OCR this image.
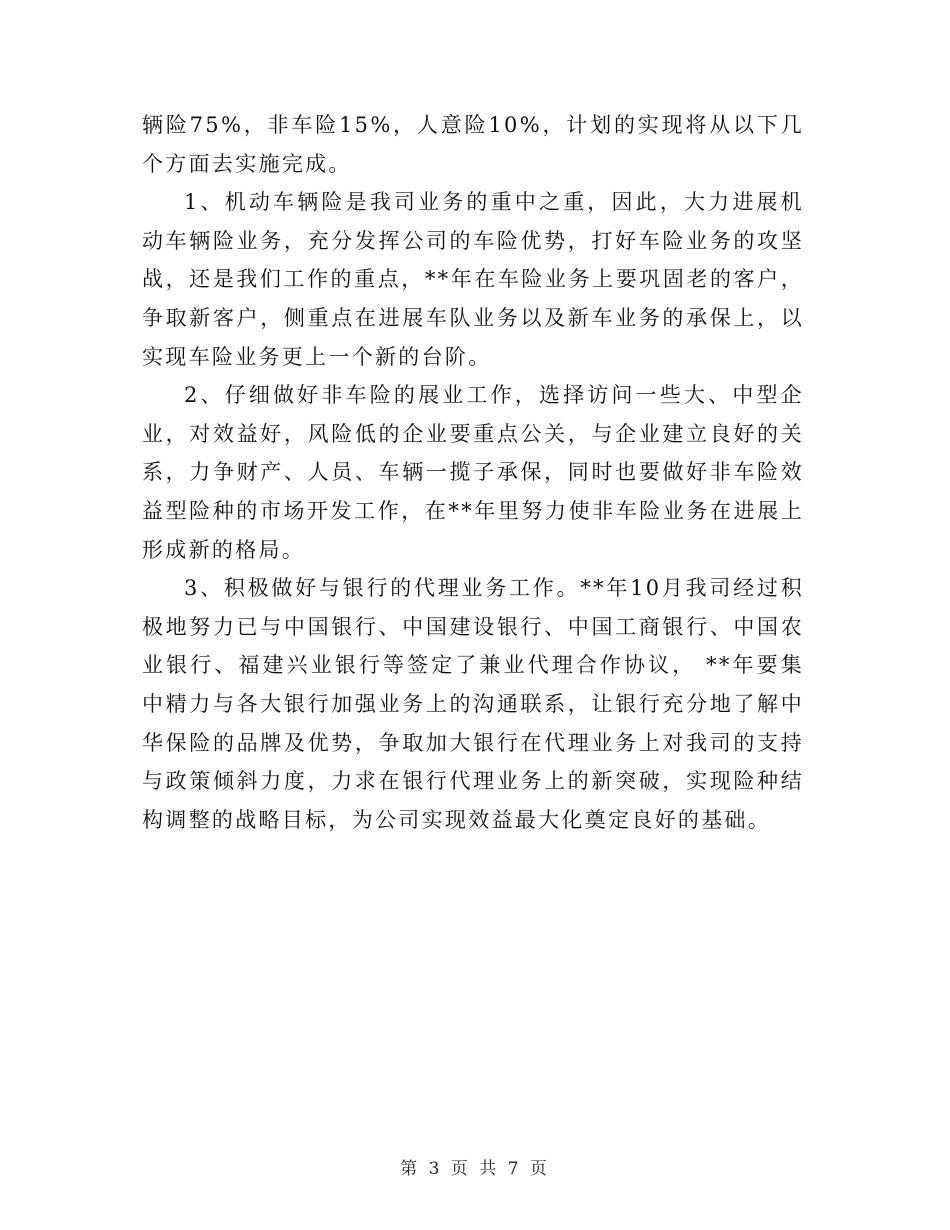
辆险75%，非车险15%，人意险10%，计划的实现将从以下几个方面去实施完成。

1、机动车辆险是我司业务的重中之重，因此，大力进展机动车辆险业务，充分发挥公司的车险优势，打好车险业务的攻坚战，还是我们工作的重点，**年在车险业务上要巩固老的客户，争取新客户，侧重点在进展车队业务以及新车业务的承保上，以实现车险业务更上一个新的台阶。

2、仔细做好非车险的展业工作，选择访问一些大、中型企业，对效益好，风险低的企业要重点公关，与企业建立良好的关系，力争财产、人员、车辆一揽子承保，同时也要做好非车险效益型险种的市场开发工作，在**年里努力使非车险业务在进展上形成新的格局。

3、积极做好与银行的代理业务工作。**年10月我司经过积极地努力已与中国银行、中国建设银行、中国工商银行、中国农业银行、福建兴业银行等签定了兼业代理合作协议， **年要集中精力与各大银行加强业务上的沟通联系，让银行充分地了解中华保险的品牌及优势，争取加大银行在代理业务上对我司的支持与政策倾斜力度，力求在银行代理业务上的新突破，实现险种结构调整的战略目标，为公司实现效益最大化奠定良好的基础。

第 3 页 共 7 页
